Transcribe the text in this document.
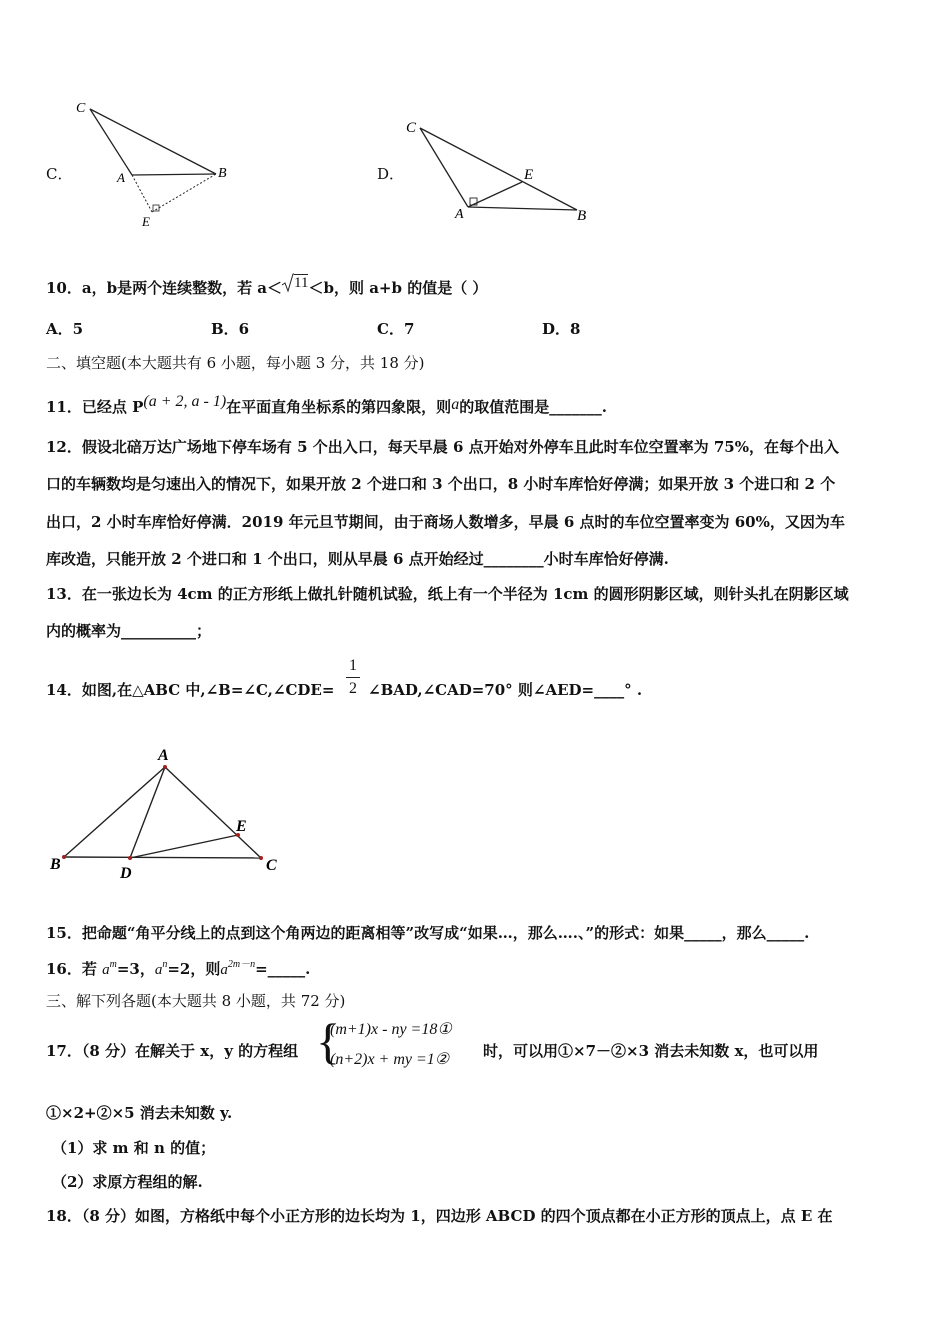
C．
C
A	B
E
D．
C
E
A	B
10．a，b是两个连续整数，若 a＜ 11＜b，则 a+b 的值是（ ）
A．5	B．6	C．7	D．8
二、填空题(本大题共有 6 小题，每小题 3 分，共 18 分)
11．已经点 P(a + 2, a - 1)在平面直角坐标系的第四象限，则a的取值范围是_______.
12．假设北碚万达广场地下停车场有 5 个出入口，每天早晨 6 点开始对外停车且此时车位空置率为 75%，在每个出入
口的车辆数均是匀速出入的情况下，如果开放 2 个进口和 3 个出口，8 小时车库恰好停满；如果开放 3 个进口和 2 个
出口，2 小时车库恰好停满．2019 年元旦节期间，由于商场人数增多，早晨 6 点时的车位空置率变为 60%，又因为车
库改造，只能开放 2 个进口和 1 个出口，则从早晨 6 点开始经过________小时车库恰好停满.
13．在一张边长为 4cm 的正方形纸上做扎针随机试验，纸上有一个半径为 1cm 的圆形阴影区域，则针头扎在阴影区域
内的概率为__________；
14．如图,在△ABC 中,∠B=∠C,∠CDE=
1
2 ∠BAD,∠CAD=70° 则∠AED=____° .
A
B	C
D
E
15．把命题“角平分线上的点到这个角两边的距离相等”改写成“如果…，那么….、”的形式：如果_____，那么_____.
16．若 $a^m=3$，$a^n=2$，则$a^{2m-n}=\_\_\_\_\_$.
三、解下列各题(本大题共 8 小题，共 72 分)
17．（8 分）在解关于 x，y 的方程组 {
(m+1)x - ny =18①
(n+2)x + my =1② 时，可以用①×7－②×3 消去未知数 x，也可以用
①×2+②×5 消去未知数 y.
（1）求 m 和 n 的值；
（2）求原方程组的解.
18．（8 分）如图，方格纸中每个小正方形的边长均为 1，四边形 ABCD 的四个顶点都在小正方形的顶点上，点 E 在
